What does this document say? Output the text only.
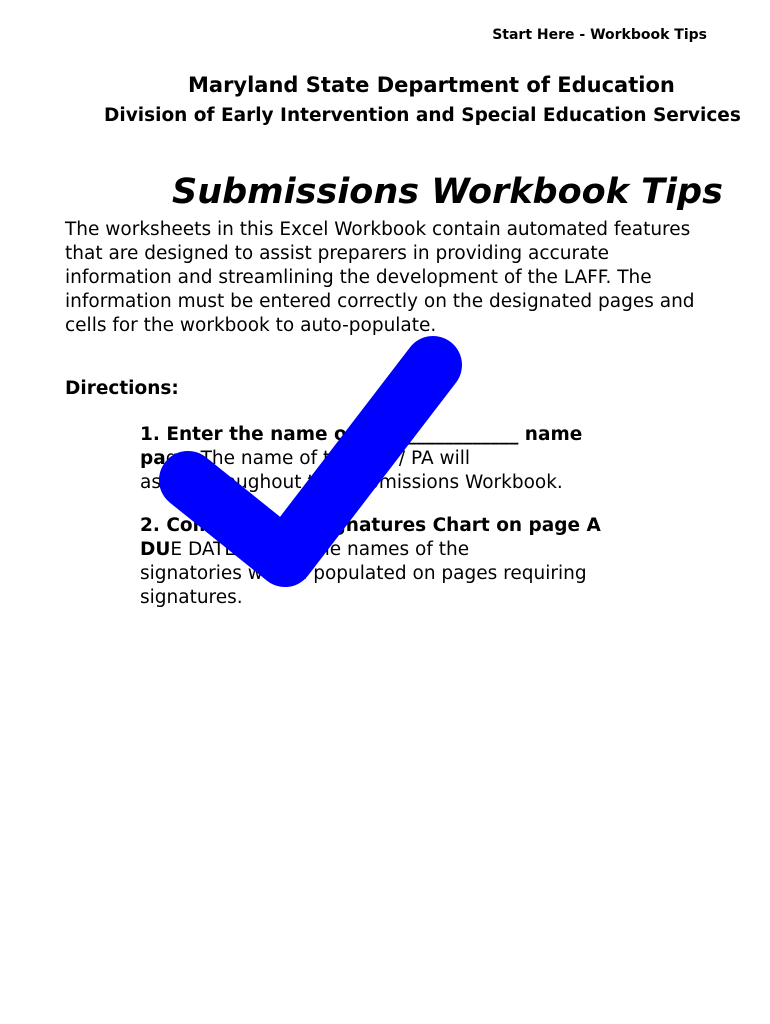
Start Here - Workbook Tips
Maryland State Department of Education
Division of Early Intervention and Special Education Services
Submissions Workbook Tips
The worksheets in this Excel Workbook contain automated features
that are designed to assist preparers in providing accurate
information and streamlining the development of the LAFF. The
information must be entered correctly on the designated pages and
cells for the workbook to auto-populate.
Directions:
1. Enter the name on the ____________ name
page. The name of the LSS / PA will
assist throughout the Submissions Workbook.
2. Complete the Signatures Chart on page A
DUE DATE below. The names of the
signatories will be populated on pages requiring
signatures.
